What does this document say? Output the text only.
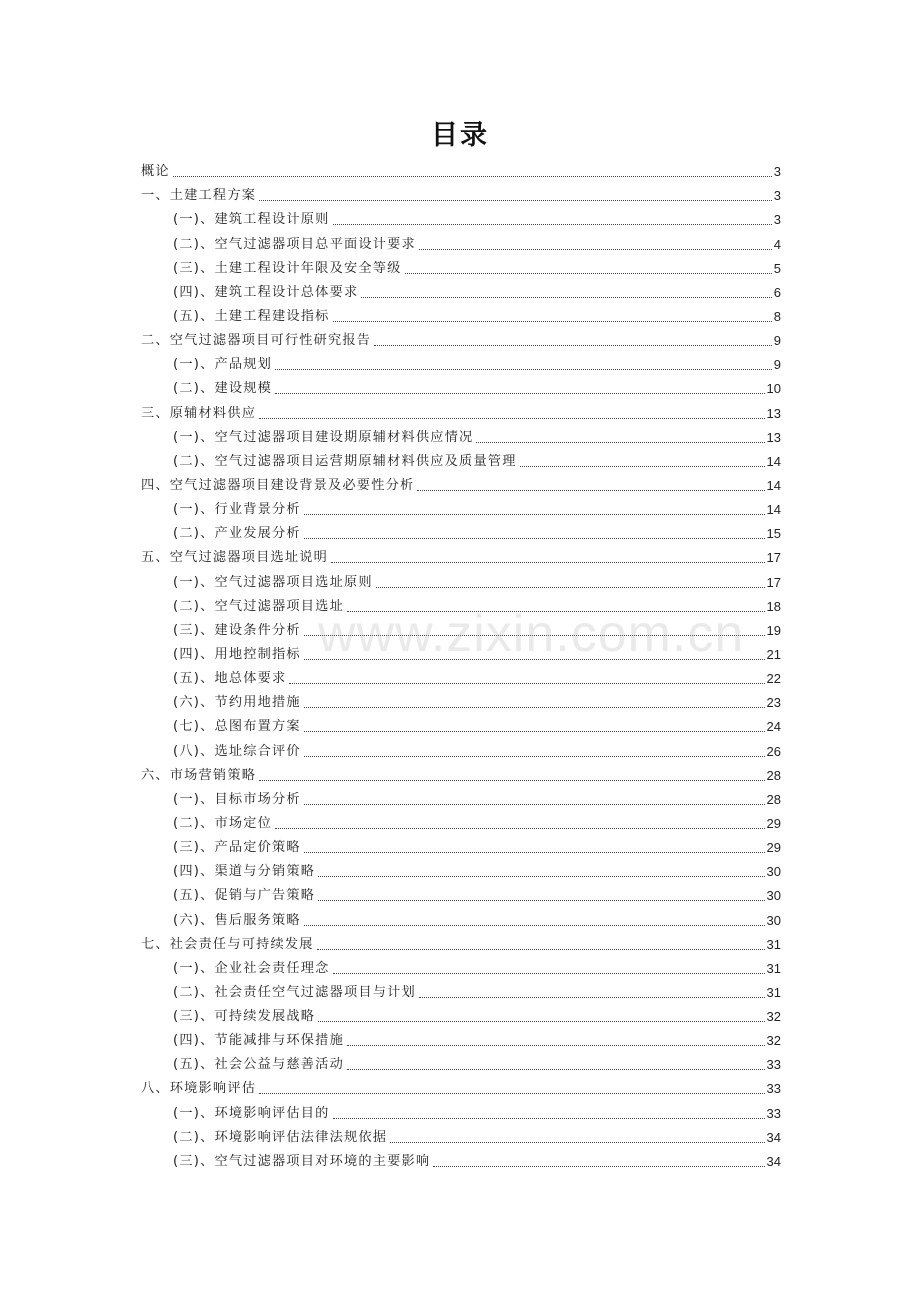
目录
概论	3
一、土建工程方案	3
(一)、建筑工程设计原则	3
(二)、空气过滤器项目总平面设计要求	4
(三)、土建工程设计年限及安全等级	5
(四)、建筑工程设计总体要求	6
(五)、土建工程建设指标	8
二、空气过滤器项目可行性研究报告	9
(一)、产品规划	9
(二)、建设规模	10
三、原辅材料供应	13
(一)、空气过滤器项目建设期原辅材料供应情况	13
(二)、空气过滤器项目运营期原辅材料供应及质量管理	14
四、空气过滤器项目建设背景及必要性分析	14
(一)、行业背景分析	14
(二)、产业发展分析	15
五、空气过滤器项目选址说明	17
(一)、空气过滤器项目选址原则	17
(二)、空气过滤器项目选址	18
(三)、建设条件分析	19
(四)、用地控制指标	21
(五)、地总体要求	22
(六)、节约用地措施	23
(七)、总图布置方案	24
(八)、选址综合评价	26
六、市场营销策略	28
(一)、目标市场分析	28
(二)、市场定位	29
(三)、产品定价策略	29
(四)、渠道与分销策略	30
(五)、促销与广告策略	30
(六)、售后服务策略	30
七、社会责任与可持续发展	31
(一)、企业社会责任理念	31
(二)、社会责任空气过滤器项目与计划	31
(三)、可持续发展战略	32
(四)、节能减排与环保措施	32
(五)、社会公益与慈善活动	33
八、环境影响评估	33
(一)、环境影响评估目的	33
(二)、环境影响评估法律法规依据	34
(三)、空气过滤器项目对环境的主要影响	34
www.zixin.com.cn
